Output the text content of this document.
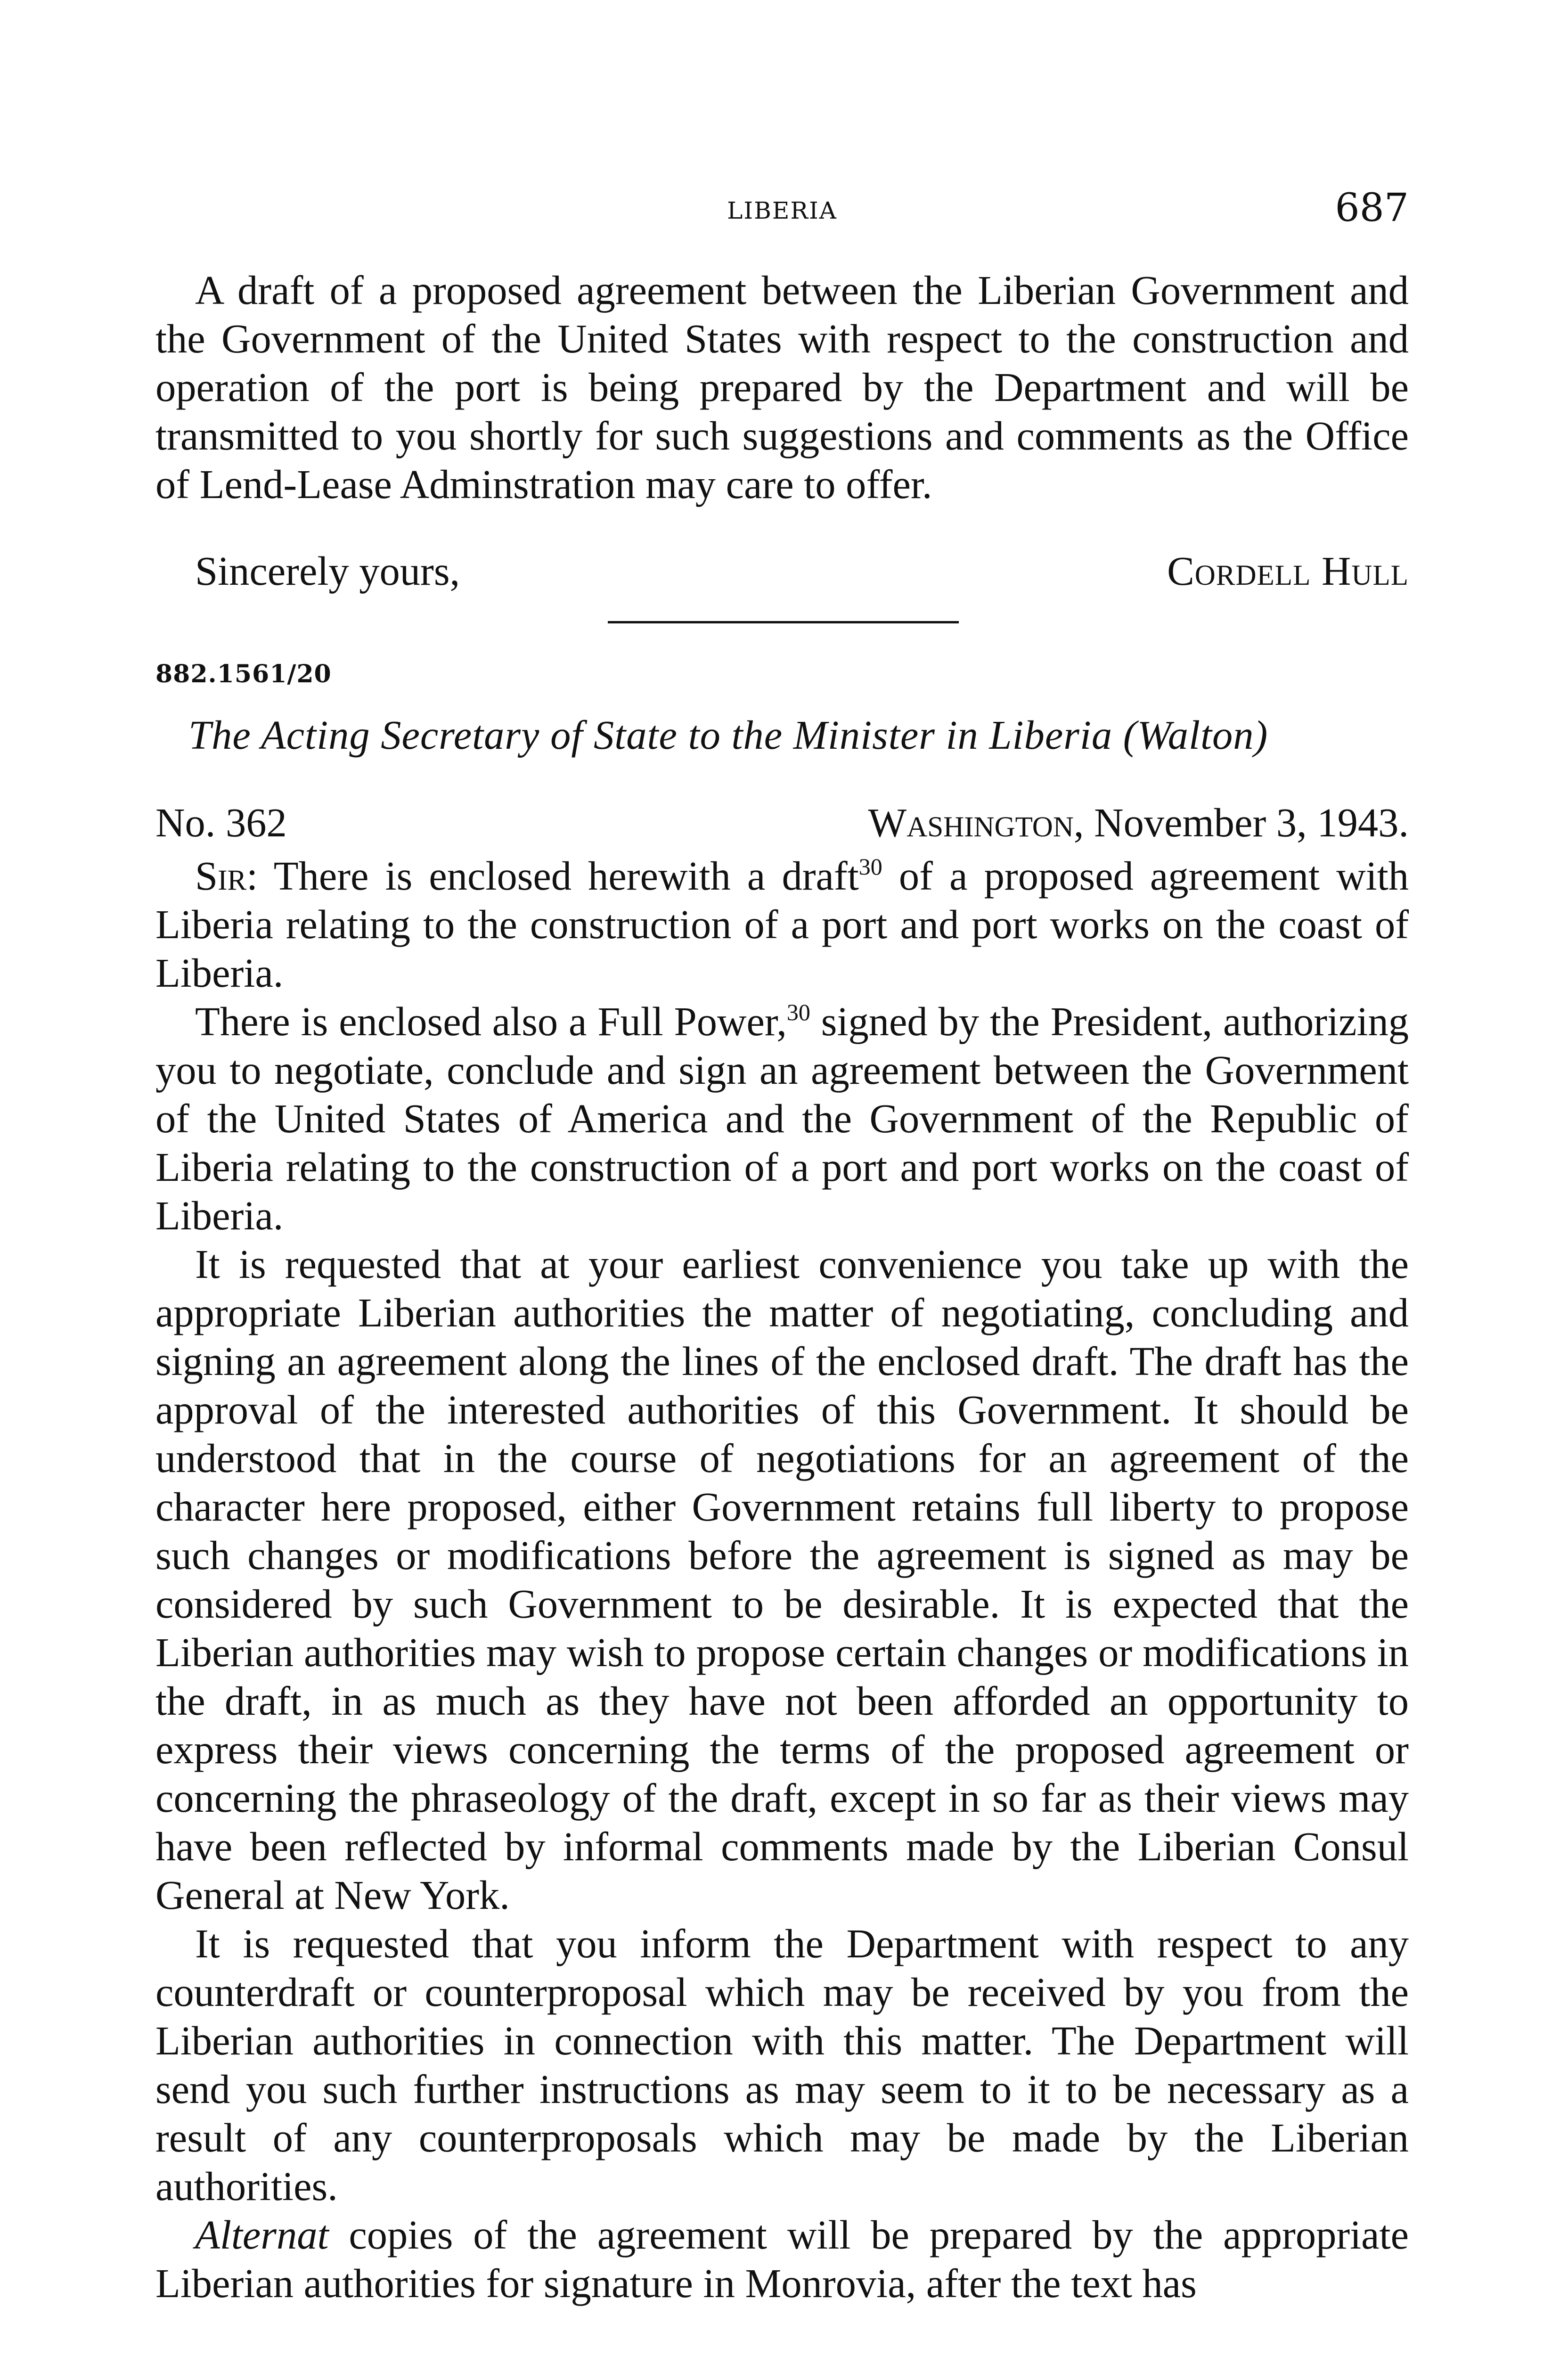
LIBERIA	687

A draft of a proposed agreement between the Liberian Government and the Government of the United States with respect to the construction and operation of the port is being prepared by the Department and will be transmitted to you shortly for such suggestions and comments as the Office of Lend-Lease Adminstration may care to offer.

Sincerely yours,	Cordell Hull
882.1561/20
The Acting Secretary of State to the Minister in Liberia (Walton)
No. 362	Washington, November 3, 1943.

Sir: There is enclosed herewith a draft$^{30}$ of a proposed agreement with Liberia relating to the construction of a port and port works on the coast of Liberia.

There is enclosed also a Full Power,$^{30}$ signed by the President, authorizing you to negotiate, conclude and sign an agreement between the Government of the United States of America and the Government of the Republic of Liberia relating to the construction of a port and port works on the coast of Liberia.

It is requested that at your earliest convenience you take up with the appropriate Liberian authorities the matter of negotiating, concluding and signing an agreement along the lines of the enclosed draft. The draft has the approval of the interested authorities of this Government. It should be understood that in the course of negotiations for an agreement of the character here proposed, either Government retains full liberty to propose such changes or modifications before the agreement is signed as may be considered by such Government to be desirable. It is expected that the Liberian authorities may wish to propose certain changes or modifications in the draft, in as much as they have not been afforded an opportunity to express their views concerning the terms of the proposed agreement or concerning the phraseology of the draft, except in so far as their views may have been reflected by informal comments made by the Liberian Consul General at New York.

It is requested that you inform the Department with respect to any counterdraft or counterproposal which may be received by you from the Liberian authorities in connection with this matter. The Department will send you such further instructions as may seem to it to be necessary as a result of any counterproposals which may be made by the Liberian authorities.

Alternat copies of the agreement will be prepared by the appropriate Liberian authorities for signature in Monrovia, after the text has
